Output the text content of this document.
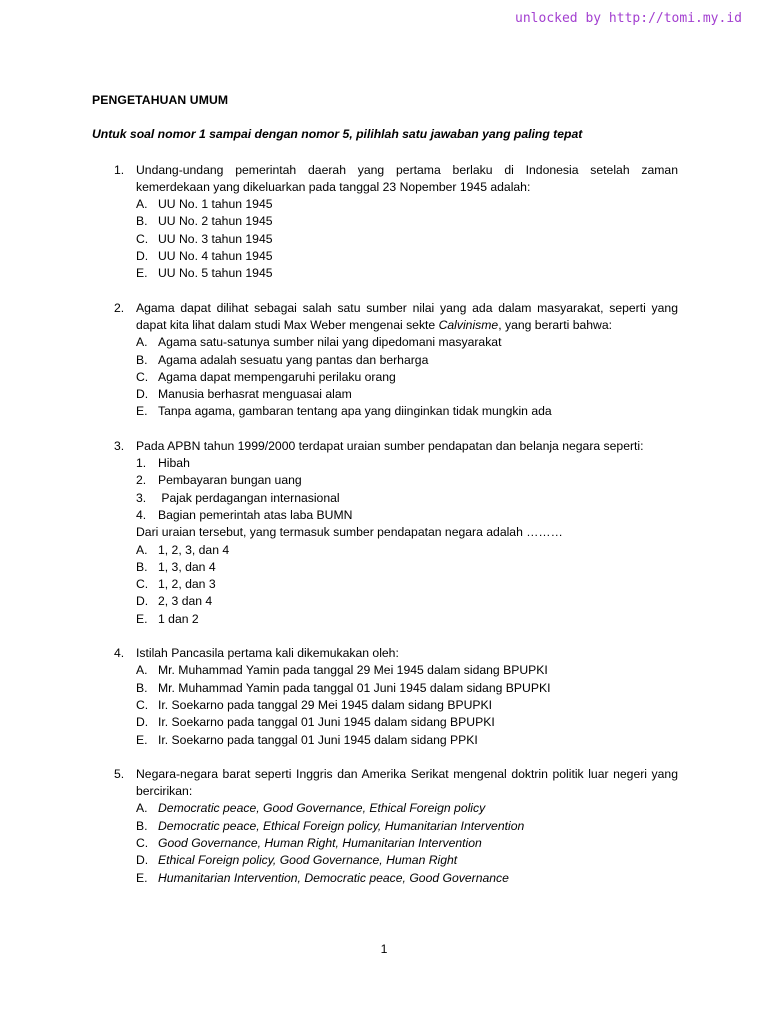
unlocked by http://tomi.my.id
PENGETAHUAN UMUM
Untuk soal nomor 1 sampai dengan nomor 5, pilihlah satu jawaban yang paling tepat
1. Undang-undang pemerintah daerah yang pertama berlaku di Indonesia setelah zaman kemerdekaan yang dikeluarkan pada tanggal 23 Nopember 1945 adalah:
A. UU No. 1 tahun 1945
B. UU No. 2 tahun 1945
C. UU No. 3 tahun 1945
D. UU No. 4 tahun 1945
E. UU No. 5 tahun 1945
2. Agama dapat dilihat sebagai salah satu sumber nilai yang ada dalam masyarakat, seperti yang dapat kita lihat dalam studi Max Weber mengenai sekte Calvinisme, yang berarti bahwa:
A. Agama satu-satunya sumber nilai yang dipedomani masyarakat
B. Agama adalah sesuatu yang pantas dan berharga
C. Agama dapat mempengaruhi perilaku orang
D. Manusia berhasrat menguasai alam
E. Tanpa agama, gambaran tentang apa yang diinginkan tidak mungkin ada
3. Pada APBN tahun 1999/2000 terdapat uraian sumber pendapatan dan belanja negara seperti:
1. Hibah
2. Pembayaran bungan uang
3. Pajak perdagangan internasional
4. Bagian pemerintah atas laba BUMN
Dari uraian tersebut, yang termasuk sumber pendapatan negara adalah ………
A. 1, 2, 3, dan 4
B. 1, 3, dan 4
C. 1, 2, dan 3
D. 2, 3 dan 4
E. 1 dan 2
4. Istilah Pancasila pertama kali dikemukakan oleh:
A. Mr. Muhammad Yamin pada tanggal 29 Mei 1945 dalam sidang BPUPKI
B. Mr. Muhammad Yamin pada tanggal 01 Juni 1945 dalam sidang BPUPKI
C. Ir. Soekarno pada tanggal 29 Mei 1945 dalam sidang BPUPKI
D. Ir. Soekarno pada tanggal 01 Juni 1945 dalam sidang BPUPKI
E. Ir. Soekarno pada tanggal 01 Juni 1945 dalam sidang PPKI
5. Negara-negara barat seperti Inggris dan Amerika Serikat mengenal doktrin politik luar negeri yang bercirikan:
A. Democratic peace, Good Governance, Ethical Foreign policy
B. Democratic peace, Ethical Foreign policy, Humanitarian Intervention
C. Good Governance, Human Right, Humanitarian Intervention
D. Ethical Foreign policy, Good Governance, Human Right
E. Humanitarian Intervention, Democratic peace, Good Governance
1
